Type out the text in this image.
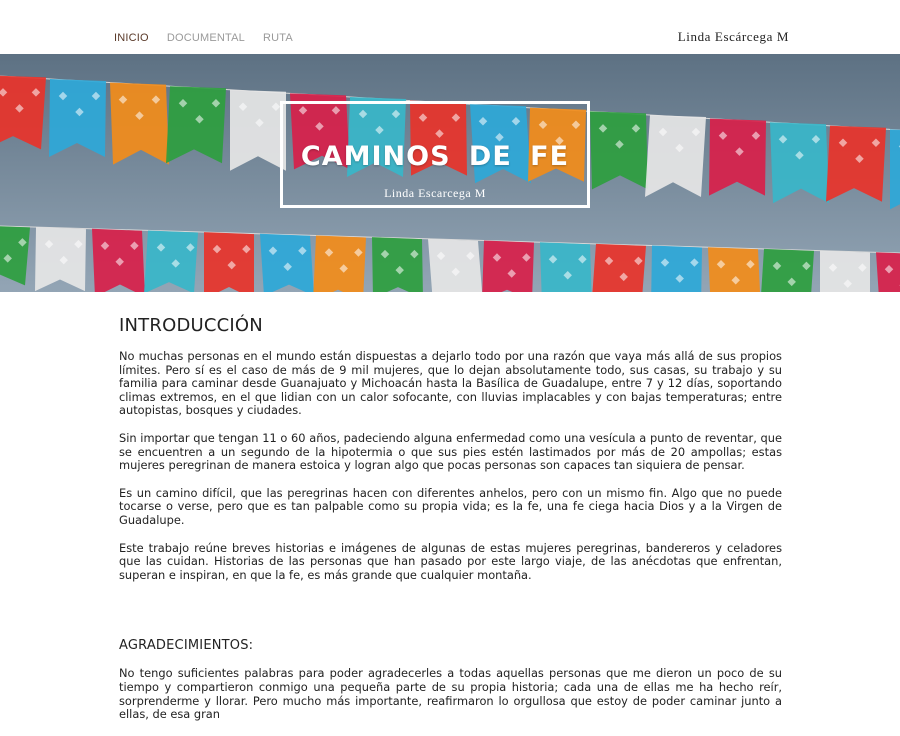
INICIO DOCUMENTAL RUTA	Linda Escárcega M
CAMINOS DE FE
Linda Escarcega M
INTRODUCCIÓN

No muchas personas en el mundo están dispuestas a dejarlo todo por una razón que vaya más allá de sus propios límites. Pero sí es el caso de más de 9 mil mujeres, que lo dejan absolutamente todo, sus casas, su trabajo y su familia para caminar desde Guanajuato y Michoacán hasta la Basílica de Guadalupe, entre 7 y 12 días, soportando climas extremos, en el que lidian con un calor sofocante, con lluvias implacables y con bajas temperaturas; entre autopistas, bosques y ciudades.

Sin importar que tengan 11 o 60 años, padeciendo alguna enfermedad como una vesícula a punto de reventar, que se encuentren a un segundo de la hipotermia o que sus pies estén lastimados por más de 20 ampollas; estas mujeres peregrinan de manera estoica y logran algo que pocas personas son capaces tan siquiera de pensar.

Es un camino difícil, que las peregrinas hacen con diferentes anhelos, pero con un mismo fin. Algo que no puede tocarse o verse, pero que es tan palpable como su propia vida; es la fe, una fe ciega hacia Dios y a la Virgen de Guadalupe.

Este trabajo reúne breves historias e imágenes de algunas de estas mujeres peregrinas, bandereros y celadores que las cuidan. Historias de las personas que han pasado por este largo viaje, de las anécdotas que enfrentan, superan e inspiran, en que la fe, es más grande que cualquier montaña.

AGRADECIMIENTOS:

No tengo suficientes palabras para poder agradecerles a todas aquellas personas que me dieron un poco de su tiempo y compartieron conmigo una pequeña parte de su propia historia; cada una de ellas me ha hecho reír, sorprenderme y llorar. Pero mucho más importante, reafirmaron lo orgullosa que estoy de poder caminar junto a ellas, de esa gran
